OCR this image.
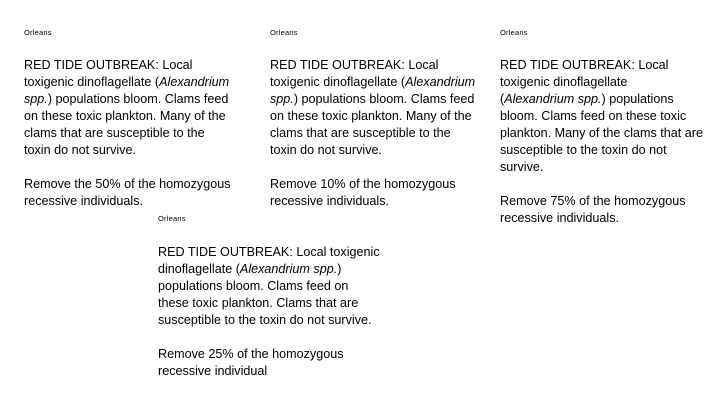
Orleans

RED TIDE OUTBREAK: Local toxigenic dinoflagellate (Alexandrium spp.) populations bloom. Clams feed on these toxic plankton. Many of the clams that are susceptible to the toxin do not survive.

Remove the 50% of the homozygous recessive individuals.

Orleans

RED TIDE OUTBREAK: Local toxigenic dinoflagellate (Alexandrium spp.) populations bloom. Clams feed on these toxic plankton. Many of the clams that are susceptible to the toxin do not survive.

Remove 10% of the homozygous recessive individuals.

Orleans

RED TIDE OUTBREAK: Local toxigenic dinoflagellate (Alexandrium spp.) populations bloom. Clams feed on these toxic plankton. Many of the clams that are susceptible to the toxin do not survive.

Remove 75% of the homozygous recessive individuals.

Orleans

RED TIDE OUTBREAK: Local toxigenic dinoflagellate (Alexandrium spp.) populations bloom. Clams feed on these toxic plankton. Clams that are susceptible to the toxin do not survive.

Remove 25% of the homozygous recessive individual
